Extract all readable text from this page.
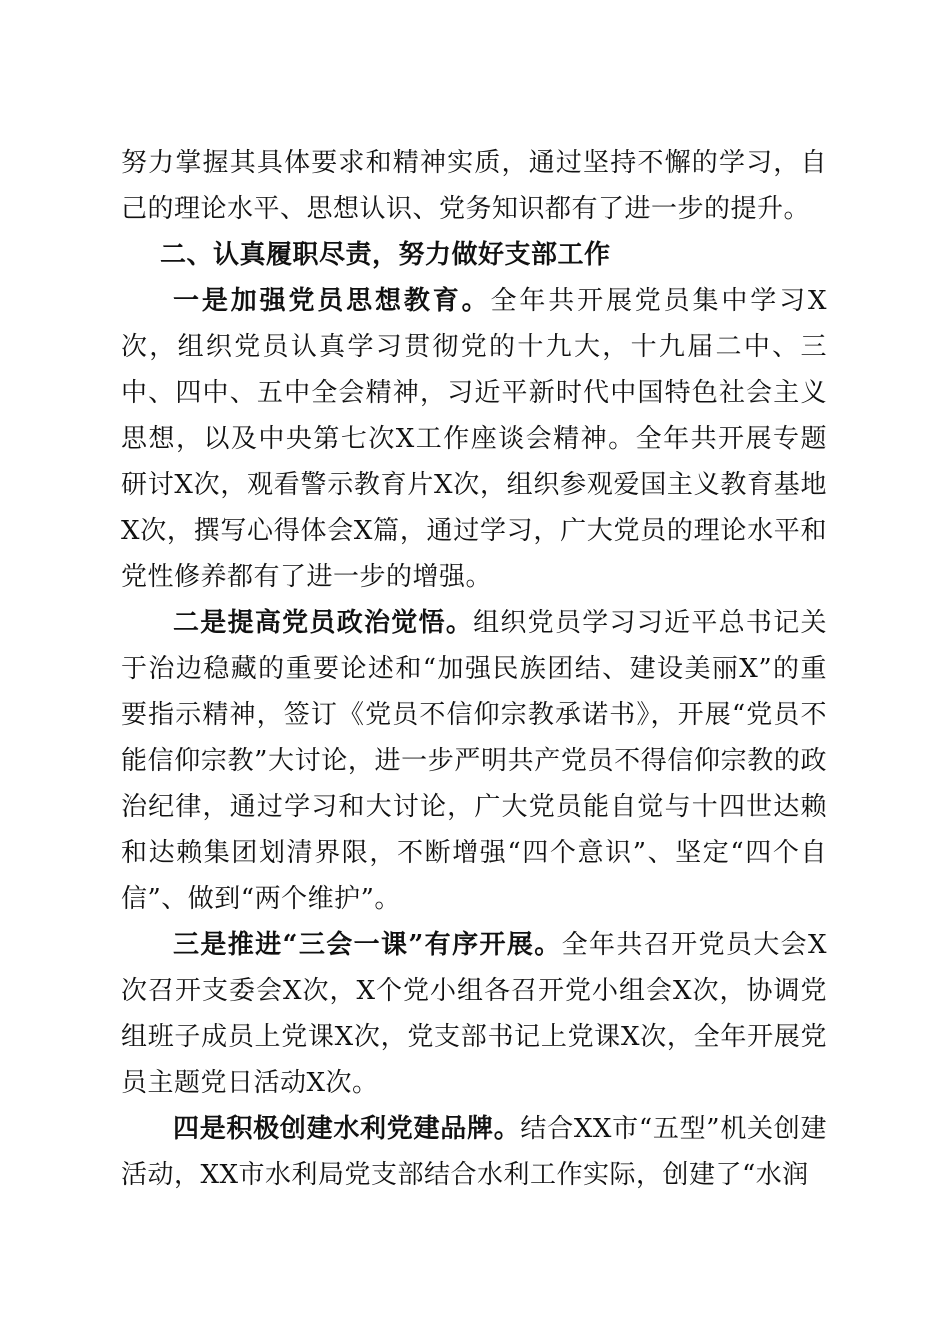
努力掌握其具体要求和精神实质，通过坚持不懈的学习，自己的理论水平、思想认识、党务知识都有了进一步的提升。

二、认真履职尽责，努力做好支部工作

一是加强党员思想教育。全年共开展党员集中学习X次，组织党员认真学习贯彻党的十九大，十九届二中、三中、四中、五中全会精神，习近平新时代中国特色社会主义思想，以及中央第七次X工作座谈会精神。全年共开展专题研讨X次，观看警示教育片X次，组织参观爱国主义教育基地X次，撰写心得体会X篇，通过学习，广大党员的理论水平和党性修养都有了进一步的增强。

二是提高党员政治觉悟。组织党员学习习近平总书记关于治边稳藏的重要论述和“加强民族团结、建设美丽X”的重要指示精神，签订《党员不信仰宗教承诺书》，开展“党员不能信仰宗教”大讨论，进一步严明共产党员不得信仰宗教的政治纪律，通过学习和大讨论，广大党员能自觉与十四世达赖和达赖集团划清界限，不断增强“四个意识”、坚定“四个自信”、做到“两个维护”。

三是推进“三会一课”有序开展。全年共召开党员大会X次召开支委会X次，X个党小组各召开党小组会X次，协调党组班子成员上党课X次，党支部书记上党课X次，全年开展党员主题党日活动X次。

四是积极创建水利党建品牌。结合XX市“五型”机关创建活动，XX市水利局党支部结合水利工作实际，创建了“水润
